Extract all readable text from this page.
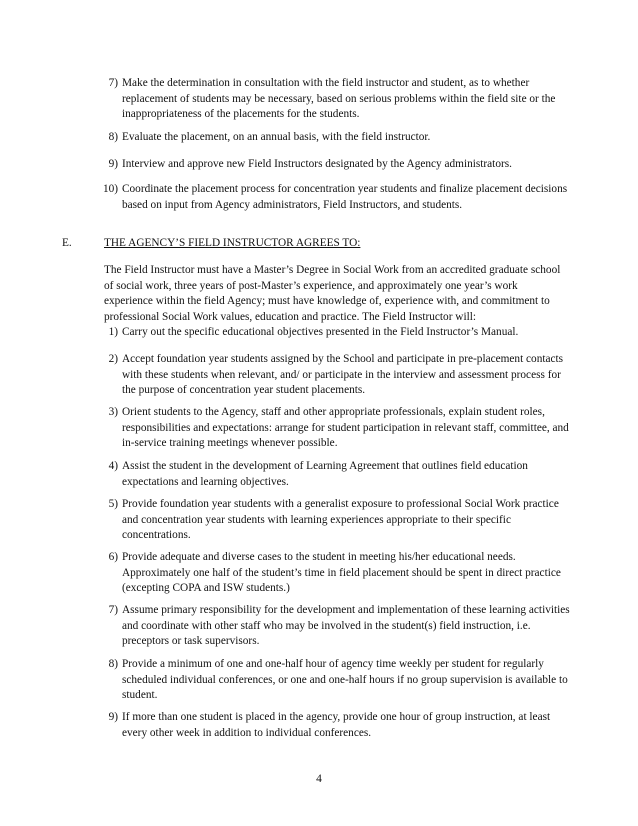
7) Make the determination in consultation with the field instructor and student, as to whether replacement of students may be necessary, based on serious problems within the field site or the inappropriateness of the placements for the students.
8) Evaluate the placement, on an annual basis, with the field instructor.
9) Interview and approve new Field Instructors designated by the Agency administrators.
10) Coordinate the placement process for concentration year students and finalize placement decisions based on input from Agency administrators, Field Instructors, and students.
E.	THE AGENCY’S FIELD INSTRUCTOR AGREES TO:
The Field Instructor must have a Master’s Degree in Social Work from an accredited graduate school of social work, three years of post-Master’s experience, and approximately one year’s work experience within the field Agency; must have knowledge of, experience with, and commitment to professional Social Work values, education and practice. The Field Instructor will:
1) Carry out the specific educational objectives presented in the Field Instructor’s Manual.
2) Accept foundation year students assigned by the School and participate in pre-placement contacts with these students when relevant, and/ or participate in the interview and assessment process for the purpose of concentration year student placements.
3) Orient students to the Agency, staff and other appropriate professionals, explain student roles, responsibilities and expectations: arrange for student participation in relevant staff, committee, and in-service training meetings whenever possible.
4) Assist the student in the development of Learning Agreement that outlines field education expectations and learning objectives.
5) Provide foundation year students with a generalist exposure to professional Social Work practice and concentration year students with learning experiences appropriate to their specific concentrations.
6) Provide adequate and diverse cases to the student in meeting his/her educational needs. Approximately one half of the student’s time in field placement should be spent in direct practice (excepting COPA and ISW students.)
7) Assume primary responsibility for the development and implementation of these learning activities and coordinate with other staff who may be involved in the student(s) field instruction, i.e. preceptors or task supervisors.
8) Provide a minimum of one and one-half hour of agency time weekly per student for regularly scheduled individual conferences, or one and one-half hours if no group supervision is available to student.
9) If more than one student is placed in the agency, provide one hour of group instruction, at least every other week in addition to individual conferences.
4
